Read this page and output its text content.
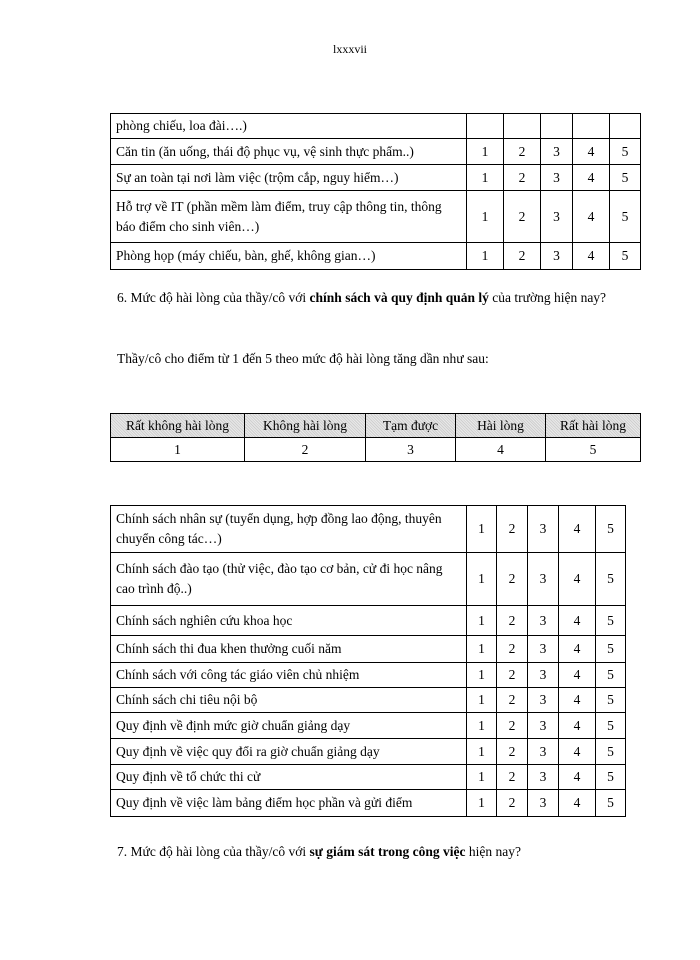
lxxxvii
phòng chiếu, loa đài….)					
Căn tin (ăn uống, thái độ phục vụ, vệ sinh thực phẩm..)	1	2	3	4	5
Sự an toàn tại nơi làm việc (trộm cắp, nguy hiểm…)	1	2	3	4	5
Hỗ trợ về IT (phần mềm làm điểm, truy cập thông tin, thông báo điểm cho sinh viên…)	1	2	3	4	5
Phòng họp (máy chiếu, bàn, ghế, không gian…)	1	2	3	4	5

6. Mức độ hài lòng của thầy/cô với chính sách và quy định quản lý của trường hiện nay?

Thầy/cô cho điểm từ 1 đến 5 theo mức độ hài lòng tăng dần như sau:

Rất không hài lòng	Không hài lòng	Tạm được	Hài lòng	Rất hài lòng
1	2	3	4	5
Chính sách nhân sự (tuyển dụng, hợp đồng lao động, thuyên chuyển công tác…)	1	2	3	4	5
Chính sách đào tạo (thử việc, đào tạo cơ bản, cử đi học nâng cao trình độ..)	1	2	3	4	5
Chính sách nghiên cứu khoa học	1	2	3	4	5
Chính sách thi đua khen thưởng cuối năm	1	2	3	4	5
Chính sách với công tác giáo viên chủ nhiệm	1	2	3	4	5
Chính sách chi tiêu nội bộ	1	2	3	4	5
Quy định về định mức giờ chuẩn giảng dạy	1	2	3	4	5
Quy định về việc quy đổi ra giờ chuẩn giảng dạy	1	2	3	4	5
Quy định về tổ chức thi cử	1	2	3	4	5
Quy định về việc làm bảng điểm học phần và gửi điểm	1	2	3	4	5

7. Mức độ hài lòng của thầy/cô với sự giám sát trong công việc hiện nay?
